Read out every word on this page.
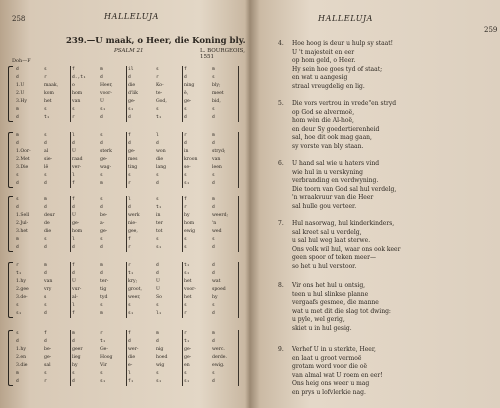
258	HALLELUJA
239.—U maak, o Heer, die Koning bly.
PSALM 21	L. BOURGEOIS, 1551
Doh—F
d	s	f	m	il	s	f	m
d	r	d.,t₁	d	d	r	d	s
1.U	maak,	o	Heer,	die	Ko-	ning	bly;
2.U	kom	hom	voor-	d'lik	te-	ë,	meet
3.Hy	het	van	U	ge-	God,	ge-	bid,
m	s	s	s₁	s₁	s	s	s
d	t₁	r	d	d	t₁	d	d
m	s	l	s	f	l	r	m
d	d	d	d	d	d	d	d
1.Oor-	al	U	sterk	ge-	won	in	stryd;
2.Met	sie-	raad	ge-	mes	die	kroon	van
3.Die	lê	ver-	wag-	ting	lang	se-	leen
s	s	l	s	s	s	s	s
d	d	f	m	r	d	s₁	d
s	m	f	s	l	s	f	m
d	d	d	d	d	t₁	r	d
1.Sell	deur	U	be-	werk	in	hy	weerd;
2.Jul-	de	ge-	a-	nie-	ter	hom	'n
3.het	die	hom	ge-	gee,	tot	ewig	wed
m	s	l	s	f	s	s	s
d	d	d	d	r	s₁	s	d
r	m	f	m	r	d	t₁	d
t₁	d	d	d	t₁	d	s₁	d
1.hy	van	U	ter-	kry;	U	het	wat
2.gee	vry	vur-	tig	groot,	U	voor-	spoed
3.de-	s	al-	tyd	weer,	So	het	hy
s	s	l	s	s	s	s	s
s₁	d	f	m	s₁	l₁	r	d
s	f	m	r	f	m	r	m
d	d	d	t₁	d	d	t₁	d
1.hy	be-	geer	Ge-	wer-	nig	ge-	werc.
2.en	ge-	lieg	Hoog	die	hoed	ge-	derde.
3.die	sal	hy	Vir	e-	wig	en	ewig.
m	s	s	s	l	s	s	s
d	r	d	s₁	f₁	s₁	s₁	d
HALLELUJA
259
4. Hoe hoog is deur u hulp sy staat!
U 't majesteit en eer
op hom geld, o Heer.
Hy sein hoe goes tyd of staat;
en wat u aangesig
straal vreugdelig en lig.
5. Die vors vertrou in vrede"en stryd
op God se alvermoë,
hom wèn die Al-hoë,
en deur Sy goedertierenheid
sal, hoe dit ook mag gaan,
sy vorste van bly staan.
6. U hand sal wie u haters vind
wie hul in u verskyning
verbranding en verdwyning.
Die toorn van God sal hul verdelg,
'n wraakvuur van die Heer
sal hulle gou verteer.
7. Hul nasorwag, hul kinderkinders,
sal kreet sal u verdelg,
u sal hul weg laat sterwe.
Ons volk wil hul, waar ons ook keer
geen spoor of teken meer—
so het u hul verstoor.
8. Vir ons het hul u ontsig,
teen u hul slinkse planne
vergaafs gesmee, die manne
wat u met dit die slag tot dwing:
u pyle, wel gerig,
skiet u in hul gesig.
9. Verhef U in u sterkte, Heer,
en laat u groot vermoë
grotam word voor die oë
van almal wat U roem en eer!
Ons heig ons weer u mag
en prys u lofvlerkie nag.
